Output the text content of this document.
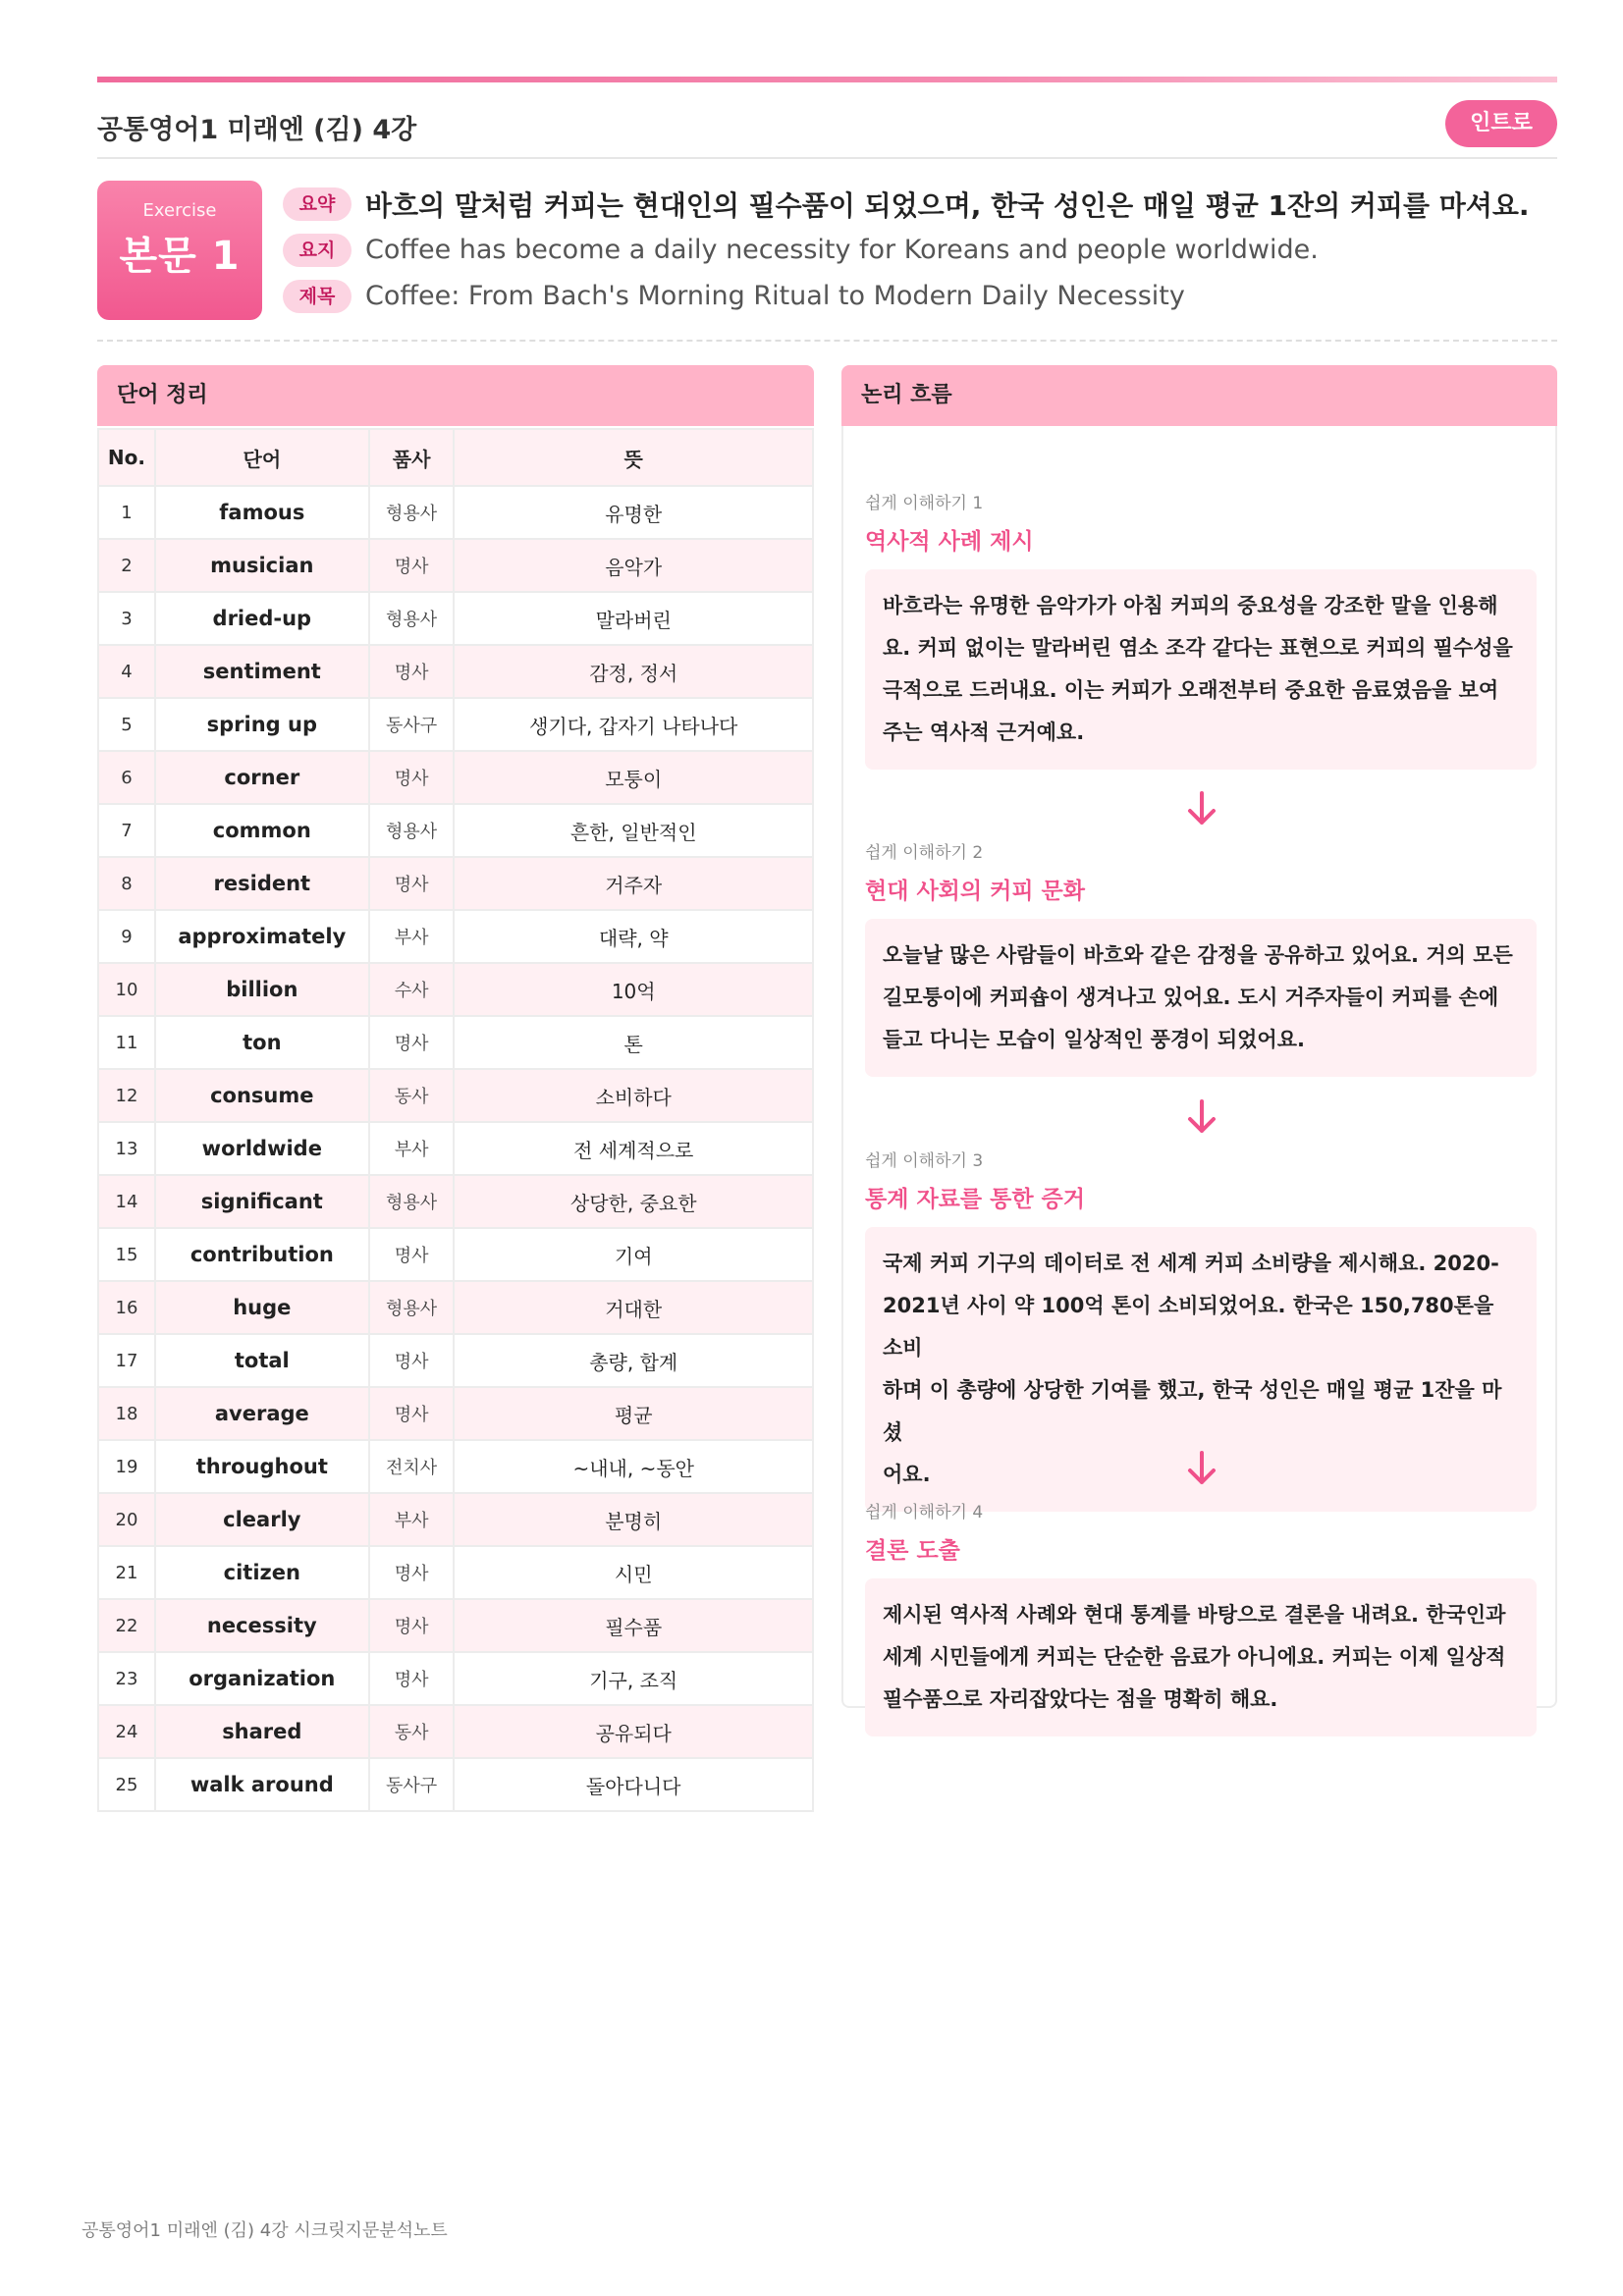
공통영어1 미래엔 (김) 4강	인트로
Exercise
본문 1
요약	바흐의 말처럼 커피는 현대인의 필수품이 되었으며, 한국 성인은 매일 평균 1잔의 커피를 마셔요.
요지	Coffee has become a daily necessity for Koreans and people worldwide.
제목	Coffee: From Bach's Morning Ritual to Modern Daily Necessity
단어 정리
No.	단어	품사	뜻
1	famous	형용사	유명한
2	musician	명사	음악가
3	dried-up	형용사	말라버린
4	sentiment	명사	감정, 정서
5	spring up	동사구	생기다, 갑자기 나타나다
6	corner	명사	모퉁이
7	common	형용사	흔한, 일반적인
8	resident	명사	거주자
9	approximately	부사	대략, 약
10	billion	수사	10억
11	ton	명사	톤
12	consume	동사	소비하다
13	worldwide	부사	전 세계적으로
14	significant	형용사	상당한, 중요한
15	contribution	명사	기여
16	huge	형용사	거대한
17	total	명사	총량, 합계
18	average	명사	평균
19	throughout	전치사	~내내, ~동안
20	clearly	부사	분명히
21	citizen	명사	시민
22	necessity	명사	필수품
23	organization	명사	기구, 조직
24	shared	동사	공유되다
25	walk around	동사구	돌아다니다
논리 흐름
쉽게 이해하기 1
역사적 사례 제시
바흐라는 유명한 음악가가 아침 커피의 중요성을 강조한 말을 인용해
요. 커피 없이는 말라버린 염소 조각 같다는 표현으로 커피의 필수성을
극적으로 드러내요. 이는 커피가 오래전부터 중요한 음료였음을 보여
주는 역사적 근거예요.
쉽게 이해하기 2
현대 사회의 커피 문화
오늘날 많은 사람들이 바흐와 같은 감정을 공유하고 있어요. 거의 모든
길모퉁이에 커피숍이 생겨나고 있어요. 도시 거주자들이 커피를 손에
들고 다니는 모습이 일상적인 풍경이 되었어요.
쉽게 이해하기 3
통계 자료를 통한 증거
국제 커피 기구의 데이터로 전 세계 커피 소비량을 제시해요. 2020-
2021년 사이 약 100억 톤이 소비되었어요. 한국은 150,780톤을 소비
하며 이 총량에 상당한 기여를 했고, 한국 성인은 매일 평균 1잔을 마셨
어요.
쉽게 이해하기 4
결론 도출
제시된 역사적 사례와 현대 통계를 바탕으로 결론을 내려요. 한국인과
세계 시민들에게 커피는 단순한 음료가 아니에요. 커피는 이제 일상적
필수품으로 자리잡았다는 점을 명확히 해요.
공통영어1 미래엔 (김) 4강 시크릿지문분석노트
